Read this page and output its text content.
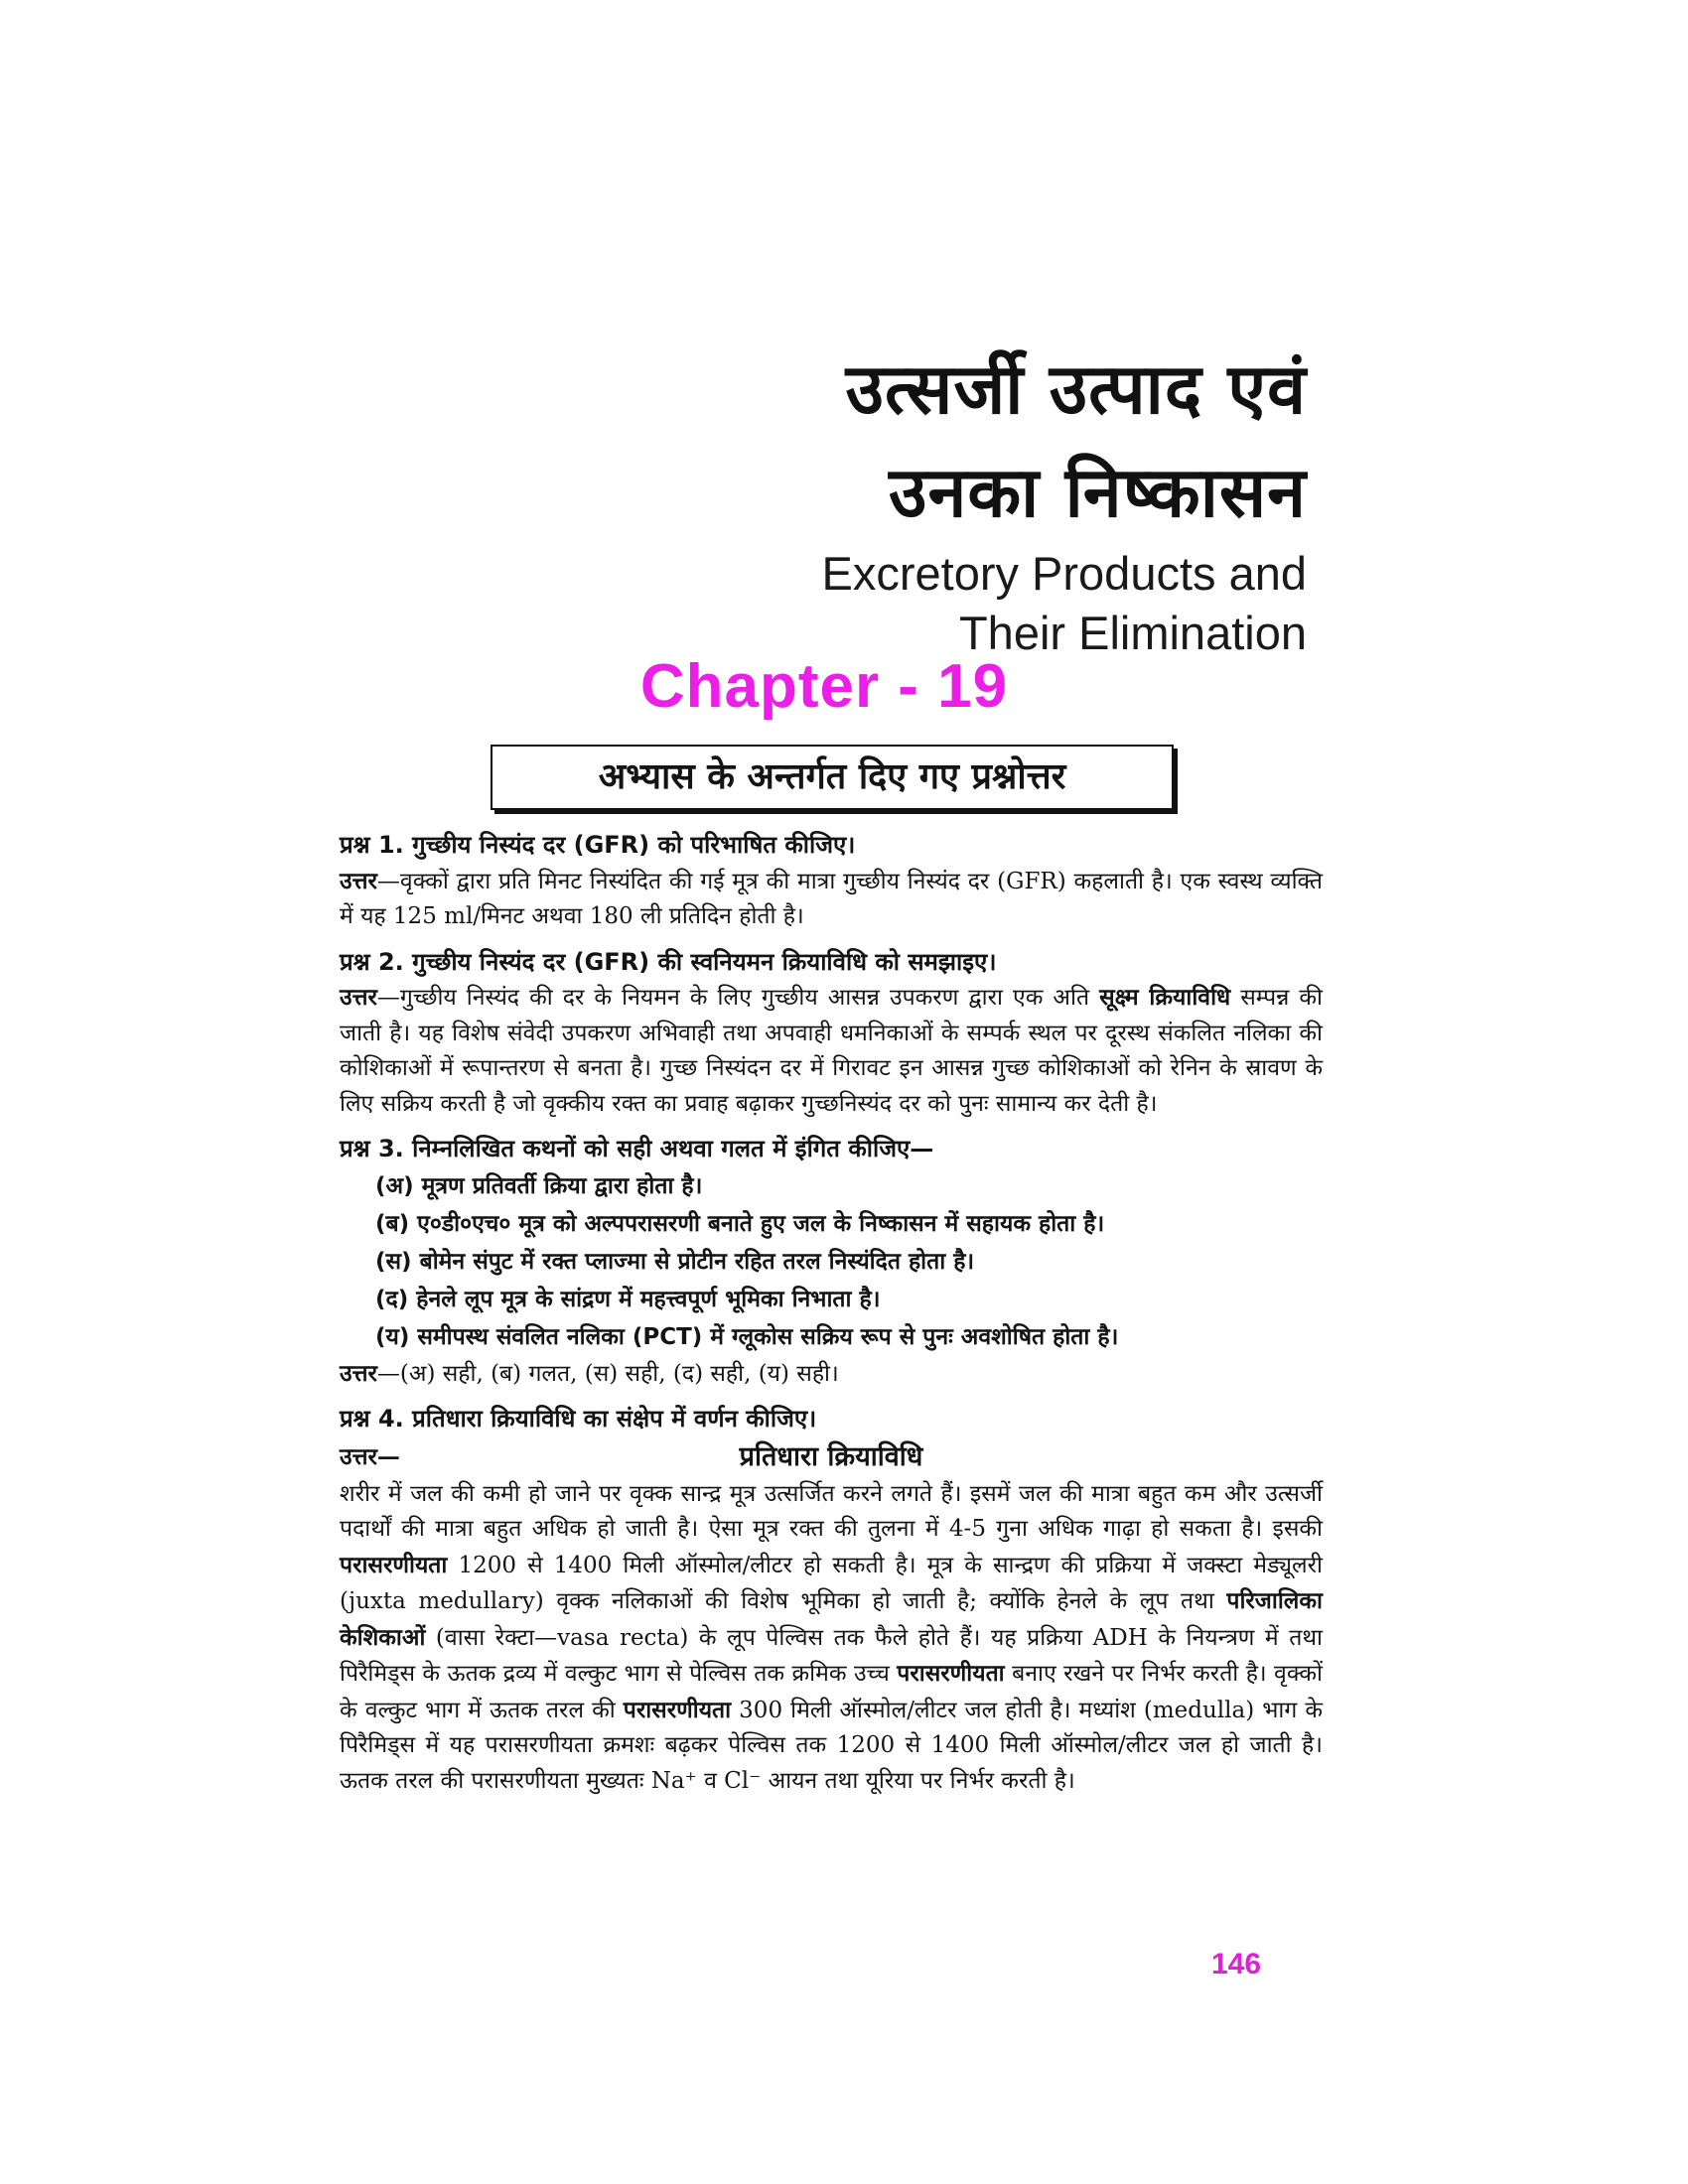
उत्सर्जी उत्पाद एवं
उनका निष्कासन
Excretory Products and
Their Elimination
Chapter - 19
अभ्यास के अन्तर्गत दिए गए प्रश्नोत्तर

प्रश्न 1. गुच्छीय निस्यंद दर (GFR) को परिभाषित कीजिए।

उत्तर—वृक्कों द्वारा प्रति मिनट निस्यंदित की गई मूत्र की मात्रा गुच्छीय निस्यंद दर (GFR) कहलाती है। एक स्वस्थ व्यक्ति में यह 125 ml/मिनट अथवा 180 ली प्रतिदिन होती है।

प्रश्न 2. गुच्छीय निस्यंद दर (GFR) की स्वनियमन क्रियाविधि को समझाइए।

उत्तर—गुच्छीय निस्यंद की दर के नियमन के लिए गुच्छीय आसन्न उपकरण द्वारा एक अति सूक्ष्म क्रियाविधि सम्पन्न की जाती है। यह विशेष संवेदी उपकरण अभिवाही तथा अपवाही धमनिकाओं के सम्पर्क स्थल पर दूरस्थ संकलित नलिका की कोशिकाओं में रूपान्तरण से बनता है। गुच्छ निस्यंदन दर में गिरावट इन आसन्न गुच्छ कोशिकाओं को रेनिन के स्रावण के लिए सक्रिय करती है जो वृक्कीय रक्त का प्रवाह बढ़ाकर गुच्छनिस्यंद दर को पुनः सामान्य कर देती है।

प्रश्न 3. निम्नलिखित कथनों को सही अथवा गलत में इंगित कीजिए—

(अ) मूत्रण प्रतिवर्ती क्रिया द्वारा होता है।
(ब) ए०डी०एच० मूत्र को अल्पपरासरणी बनाते हुए जल के निष्कासन में सहायक होता है।
(स) बोमेन संपुट में रक्त प्लाज्मा से प्रोटीन रहित तरल निस्यंदित होता है।
(द) हेनले लूप मूत्र के सांद्रण में महत्त्वपूर्ण भूमिका निभाता है।
(य) समीपस्थ संवलित नलिका (PCT) में ग्लूकोस सक्रिय रूप से पुनः अवशोषित होता है।

उत्तर—(अ) सही, (ब) गलत, (स) सही, (द) सही, (य) सही।

प्रश्न 4. प्रतिधारा क्रियाविधि का संक्षेप में वर्णन कीजिए।

उत्तर—	प्रतिधारा क्रियाविधि

शरीर में जल की कमी हो जाने पर वृक्क सान्द्र मूत्र उत्सर्जित करने लगते हैं। इसमें जल की मात्रा बहुत कम और उत्सर्जी पदार्थों की मात्रा बहुत अधिक हो जाती है। ऐसा मूत्र रक्त की तुलना में 4-5 गुना अधिक गाढ़ा हो सकता है। इसकी परासरणीयता 1200 से 1400 मिली ऑस्मोल/लीटर हो सकती है। मूत्र के सान्द्रण की प्रक्रिया में जक्स्टा मेड्यूलरी (juxta medullary) वृक्क नलिकाओं की विशेष भूमिका हो जाती है; क्योंकि हेनले के लूप तथा परिजालिका केशिकाओं (वासा रेक्टा—vasa recta) के लूप पेल्विस तक फैले होते हैं। यह प्रक्रिया ADH के नियन्त्रण में तथा पिरैमिड्स के ऊतक द्रव्य में वल्कुट भाग से पेल्विस तक क्रमिक उच्च परासरणीयता बनाए रखने पर निर्भर करती है। वृक्कों के वल्कुट भाग में ऊतक तरल की परासरणीयता 300 मिली ऑस्मोल/लीटर जल होती है। मध्यांश (medulla) भाग के पिरैमिड्स में यह परासरणीयता क्रमशः बढ़कर पेल्विस तक 1200 से 1400 मिली ऑस्मोल/लीटर जल हो जाती है। ऊतक तरल की परासरणीयता मुख्यतः Na⁺ व Cl⁻ आयन तथा यूरिया पर निर्भर करती है।

146
